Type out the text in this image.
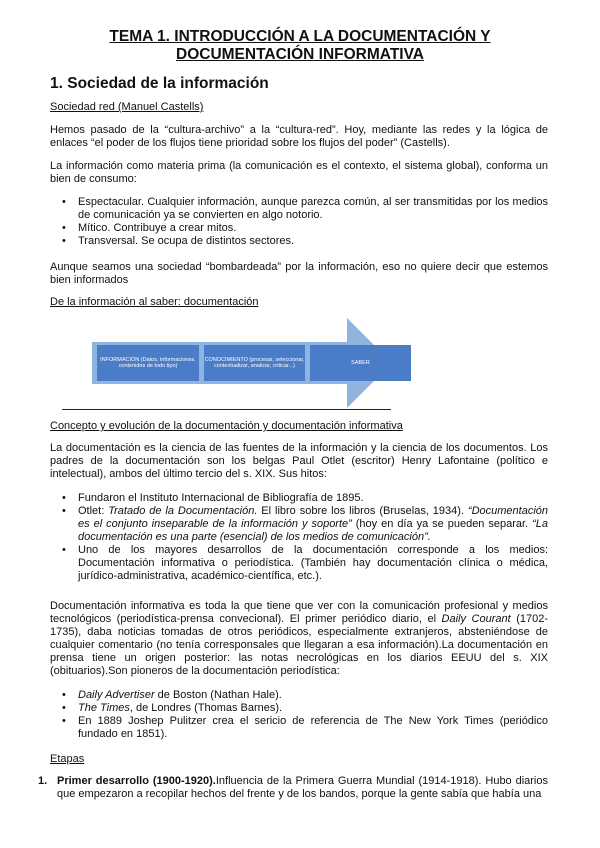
TEMA 1. INTRODUCCIÓN A LA DOCUMENTACIÓN Y
DOCUMENTACIÓN INFORMATIVA
1. Sociedad de la información
Sociedad red (Manuel Castells)
Hemos pasado de la “cultura-archivo” a la “cultura-red”. Hoy, mediante las redes y la lógica de enlaces “el poder de los flujos tiene prioridad sobre los flujos del poder” (Castells).
La información como materia prima (la comunicación es el contexto, el sistema global), conforma un bien de consumo:
• Espectacular. Cualquier información, aunque parezca común, al ser transmitidas por los medios de comunicación ya se convierten en algo notorio.
• Mítico. Contribuye a crear mitos.
• Transversal. Se ocupa de distintos sectores.
Aunque seamos una sociedad “bombardeada” por la información, eso no quiere decir que estemos bien informados
De la información al saber: documentación
INFORMACIÓN (Datos, informaciones, contenidos de todo tipo)
CONOCIMIENTO (procesar, seleccionar, contextualizar, analizar, criticar...)
SABER
Concepto y evolución de la documentación y documentación informativa
La documentación es la ciencia de las fuentes de la información y la ciencia de los documentos. Los padres de la documentación son los belgas Paul Otlet (escritor) Henry Lafontaine (político e intelectual), ambos del último tercio del s. XIX. Sus hitos:
• Fundaron el Instituto Internacional de Bibliografía de 1895.
• Otlet: Tratado de la Documentación. El libro sobre los libros (Bruselas, 1934). “Documentación es el conjunto inseparable de la información y soporte” (hoy en día ya se pueden separar. “La documentación es una parte (esencial) de los medios de comunicación”.
• Uno de los mayores desarrollos de la documentación corresponde a los medios: Documentación informativa o periodística. (También hay documentación clínica o médica, jurídico-administrativa, académico-científica, etc.).
Documentación informativa es toda la que tiene que ver con la comunicación profesional y medios tecnológicos (periodística-prensa convecional). El primer periódico diario, el Daily Courant (1702-1735), daba noticias tomadas de otros periódicos, especialmente extranjeros, absteniéndose de cualquier comentario (no tenía corresponsales que llegaran a esa información).La documentación en prensa tiene un origen posterior: las notas necrológicas en los diarios EEUU del s. XIX (obituarios).Son pioneros de la documentación periodística:
• Daily Advertiser de Boston (Nathan Hale).
• The Times, de Londres (Thomas Barnes).
• En 1889 Joshep Pulitzer crea el sericio de referencia de The New York Times (periódico fundado en 1851).
Etapas
1. Primer desarrollo (1900-1920).Influencia de la Primera Guerra Mundial (1914-1918). Hubo diarios que empezaron a recopilar hechos del frente y de los bandos, porque la gente sabía que había una
